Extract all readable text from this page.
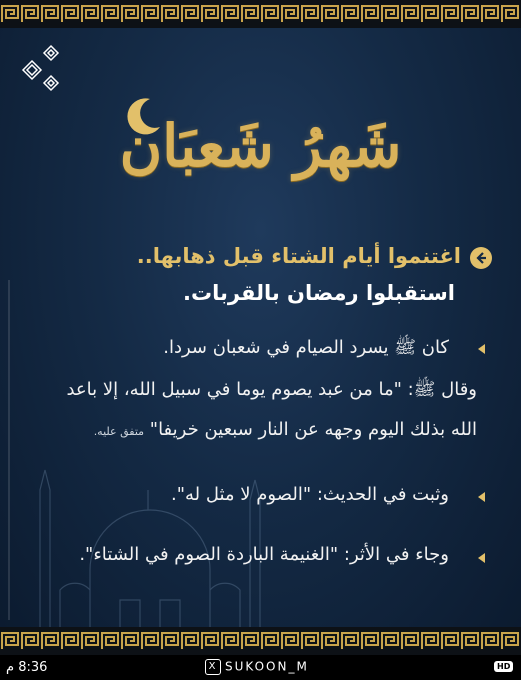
شَهرُ شَعبَان
اغتنموا أيام الشتاء قبل ذهابها..
استقبلوا رمضان بالقربات.
كان ﷺ يسرد الصيام في شعبان سردا.
وقال ﷺ: "ما من عبد يصوم يوما في سبيل الله، إلا باعد
الله بذلك اليوم وجهه عن النار سبعين خريفا" متفق عليه.
وثبت في الحديث: "الصوم لا مثل له".
وجاء في الأثر: "الغنيمة الباردة الصوم في الشتاء".
8:36 م	X SUKOON_M	HD
